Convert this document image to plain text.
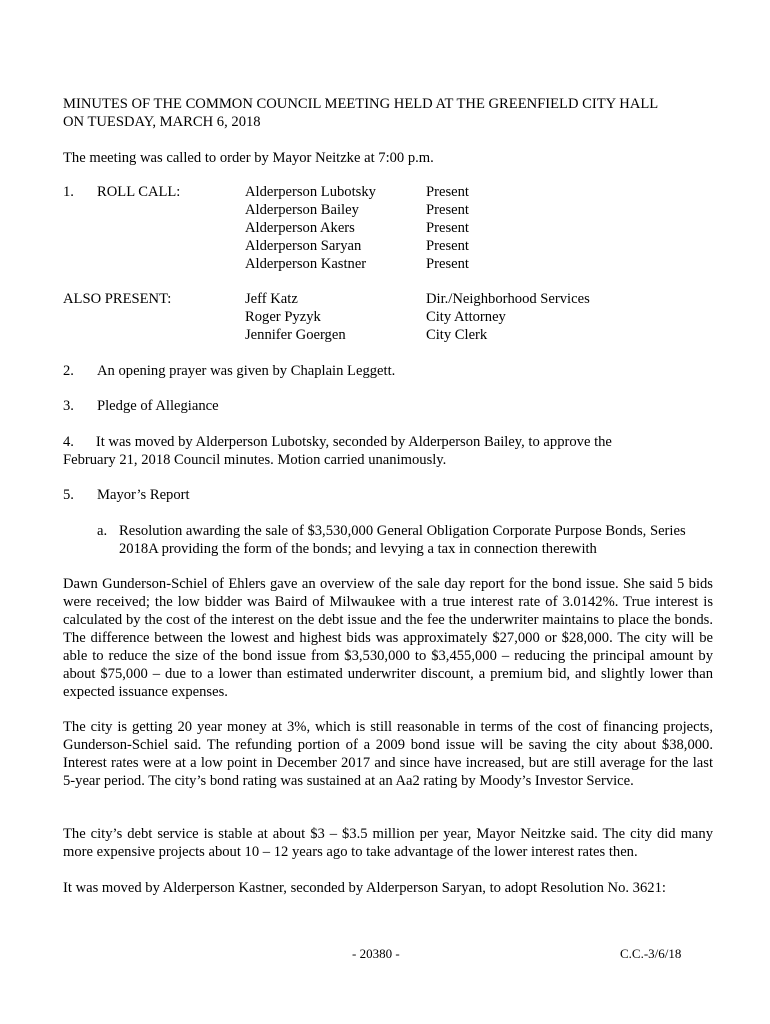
MINUTES OF THE COMMON COUNCIL MEETING HELD AT THE GREENFIELD CITY HALL
ON TUESDAY, MARCH 6, 2018
The meeting was called to order by Mayor Neitzke at 7:00 p.m.
1. ROLL CALL:	Alderperson Lubotsky	Present
Alderperson Bailey	Present
Alderperson Akers	Present
Alderperson Saryan	Present
Alderperson Kastner	Present
ALSO PRESENT:	Jeff Katz	Dir./Neighborhood Services
Roger Pyzyk	City Attorney
Jennifer Goergen	City Clerk
2. An opening prayer was given by Chaplain Leggett.
3. Pledge of Allegiance
4.      It was moved by Alderperson Lubotsky, seconded by Alderperson Bailey, to approve the
February 21, 2018 Council minutes. Motion carried unanimously.
5. Mayor’s Report
a. Resolution awarding the sale of $3,530,000 General Obligation Corporate Purpose Bonds, Series
2018A providing the form of the bonds; and levying a tax in connection therewith
Dawn Gunderson-Schiel of Ehlers gave an overview of the sale day report for the bond issue. She said 5 bids were received; the low bidder was Baird of Milwaukee with a true interest rate of 3.0142%. True interest is calculated by the cost of the interest on the debt issue and the fee the underwriter maintains to place the bonds. The difference between the lowest and highest bids was approximately $27,000 or $28,000. The city will be able to reduce the size of the bond issue from $3,530,000 to $3,455,000 – reducing the principal amount by about $75,000 – due to a lower than estimated underwriter discount, a premium bid, and slightly lower than expected issuance expenses.
The city is getting 20 year money at 3%, which is still reasonable in terms of the cost of financing projects, Gunderson-Schiel said. The refunding portion of a 2009 bond issue will be saving the city about $38,000. Interest rates were at a low point in December 2017 and since have increased, but are still average for the last 5-year period. The city’s bond rating was sustained at an Aa2 rating by Moody’s Investor Service.
The city’s debt service is stable at about $3 – $3.5 million per year, Mayor Neitzke said. The city did many more expensive projects about 10 – 12 years ago to take advantage of the lower interest rates then.
It was moved by Alderperson Kastner, seconded by Alderperson Saryan, to adopt Resolution No. 3621:
- 20380 -	C.C.-3/6/18
